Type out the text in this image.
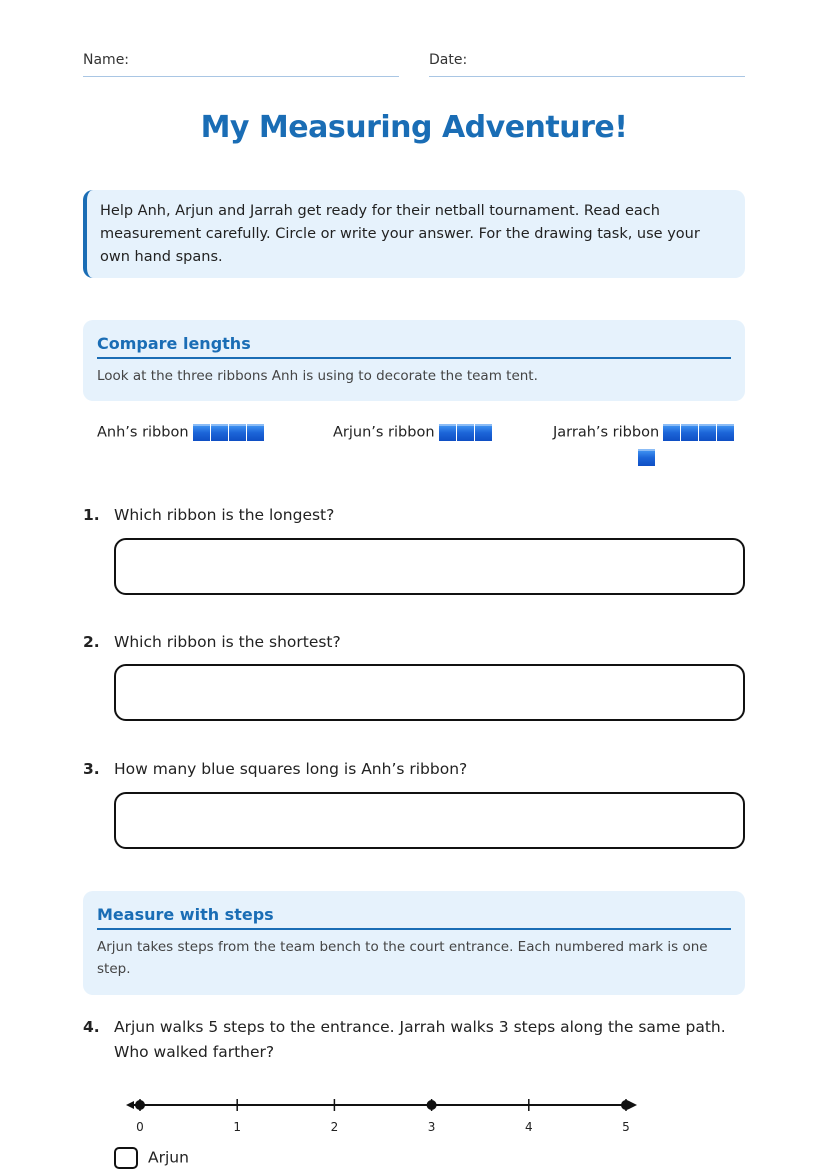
Name:	Date:
My Measuring Adventure!
Help Anh, Arjun and Jarrah get ready for their netball tournament. Read each measurement carefully. Circle or write your answer. For the drawing task, use your own hand spans.
Compare lengths

Look at the three ribbons Anh is using to decorate the team tent.

Anh’s ribbon	Arjun’s ribbon	Jarrah’s ribbon
1. Which ribbon is the longest?
2. Which ribbon is the shortest?
3. How many blue squares long is Anh’s ribbon?
Measure with steps

Arjun takes steps from the team bench to the court entrance. Each numbered mark is one step.

4. Arjun walks 5 steps to the entrance. Jarrah walks 3 steps along the same path. Who walked farther?
0	1	2	3	4	5
Arjun
